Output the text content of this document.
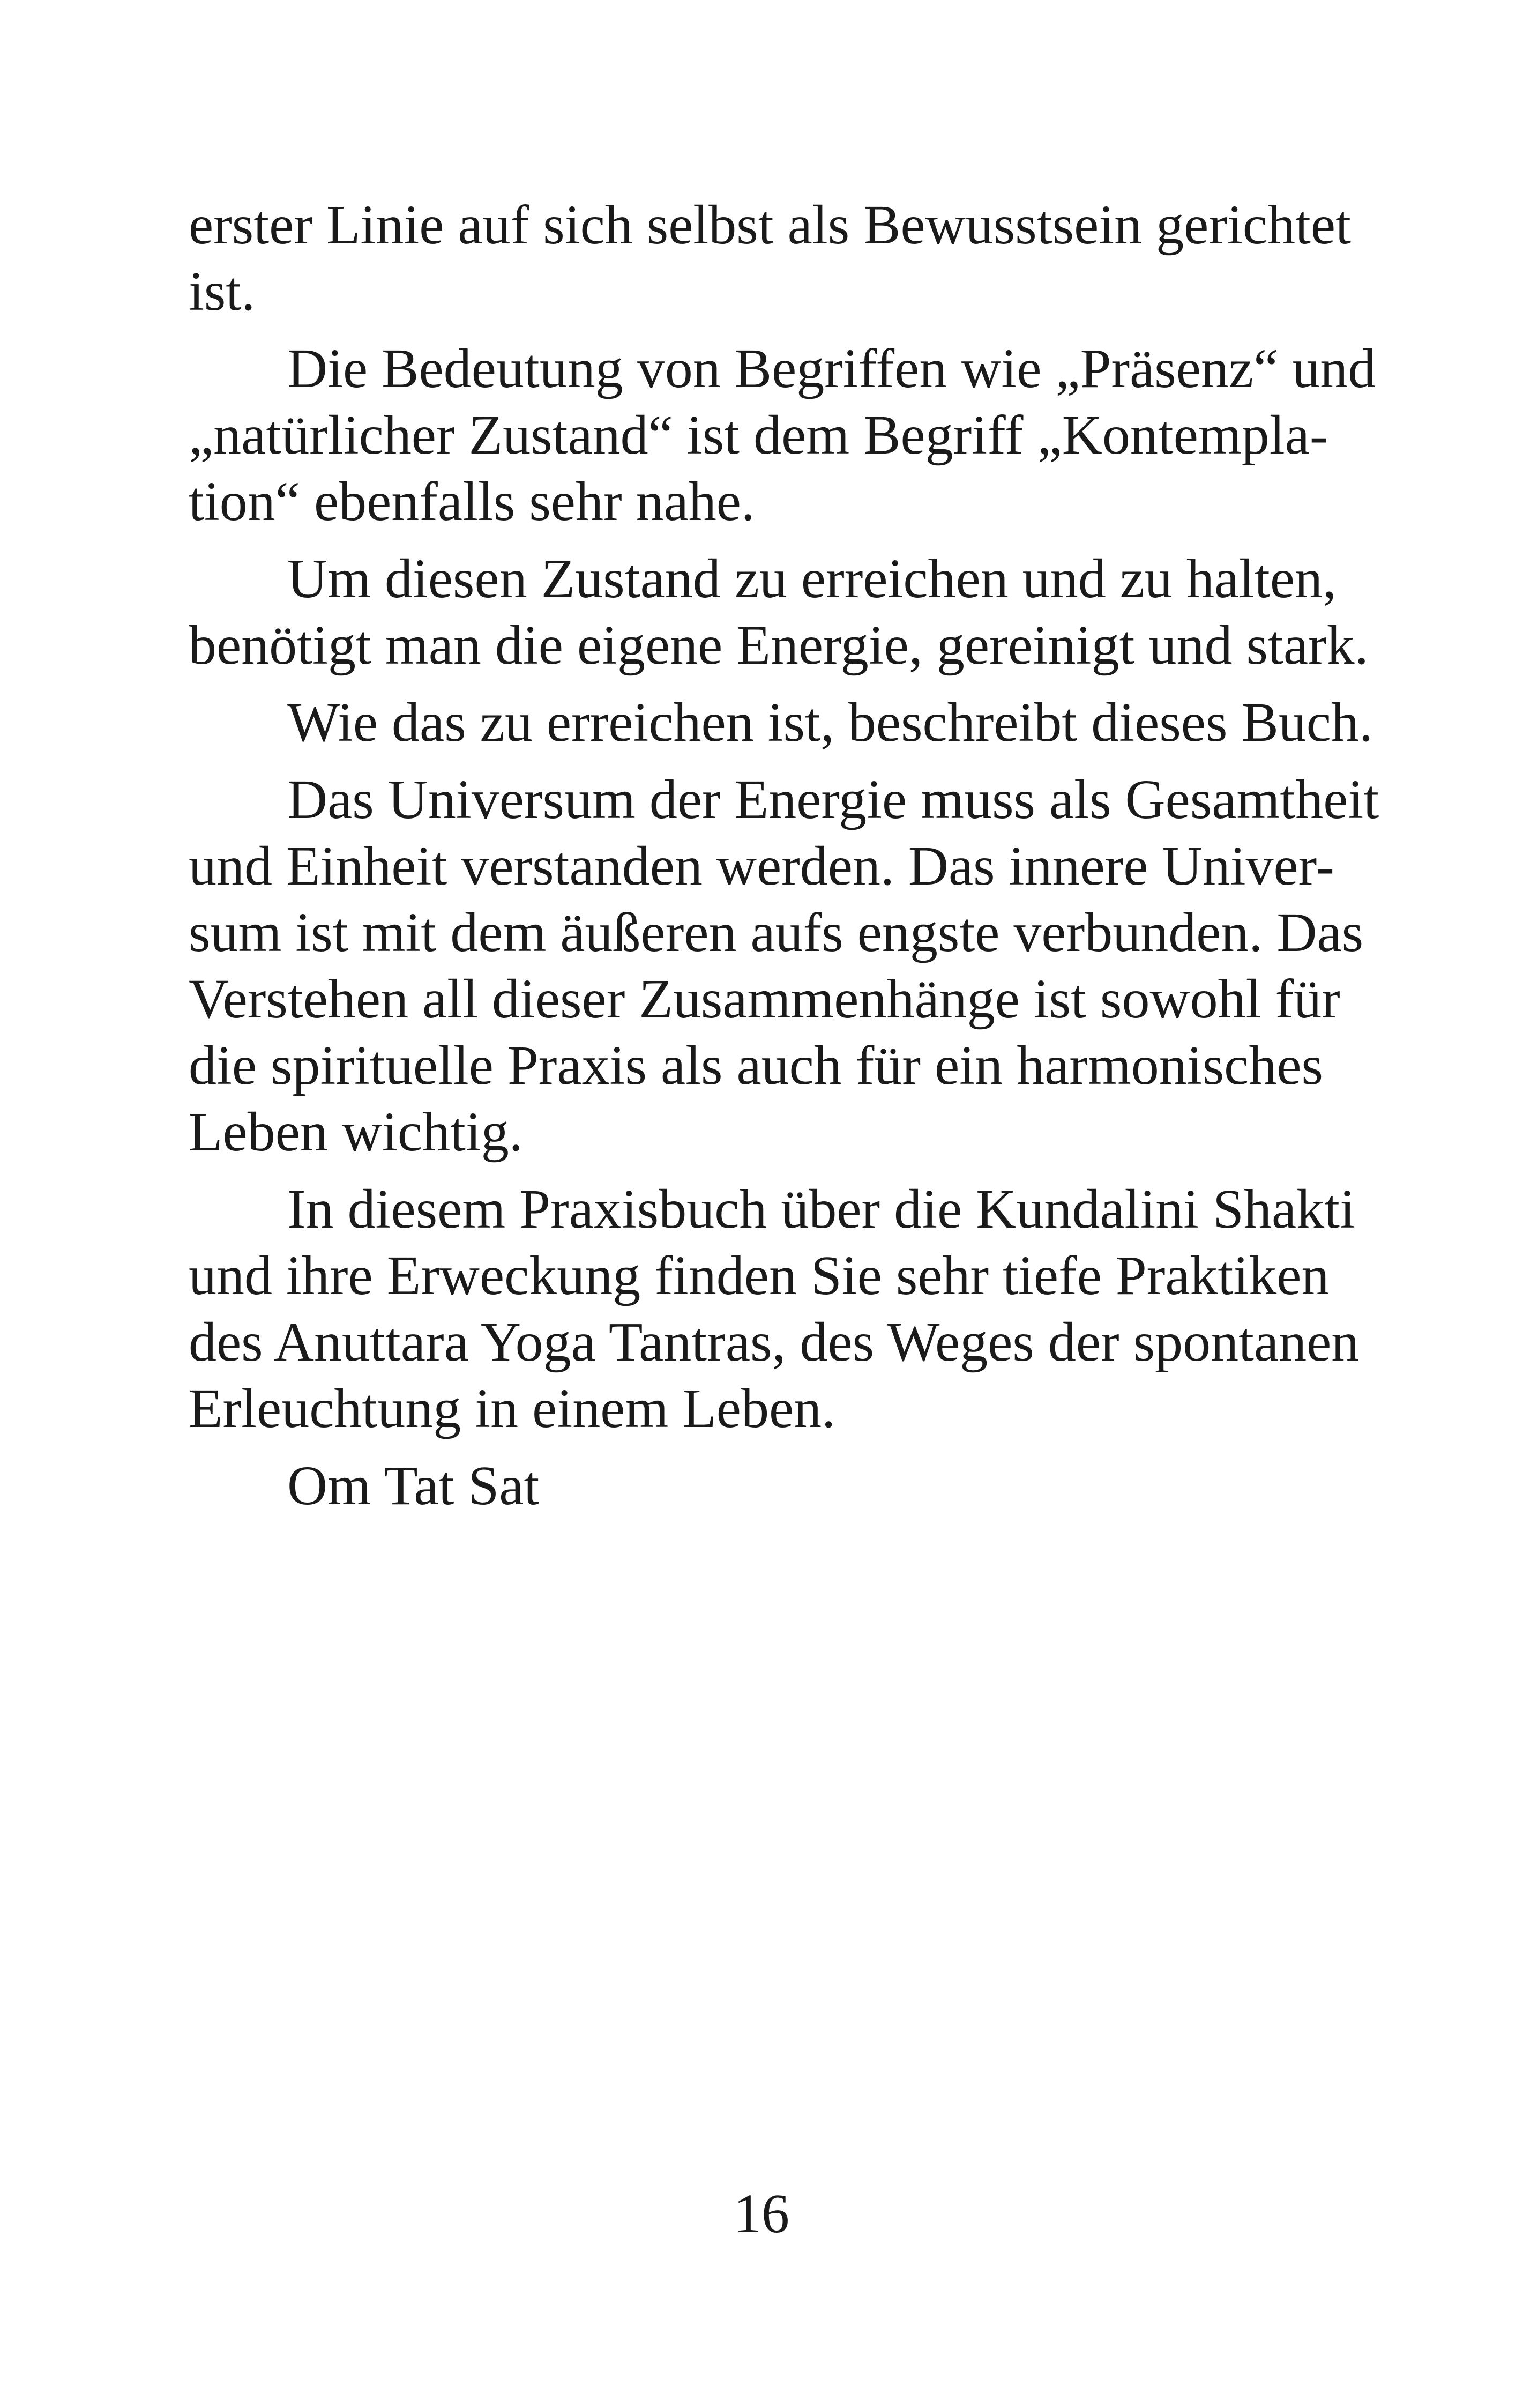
erster Linie auf sich selbst als Bewusstsein gerichtet
ist.
Die Bedeutung von Begriffen wie „Präsenz“ und
„natürlicher Zustand“ ist dem Begriff „Kontempla-
tion“ ebenfalls sehr nahe.
Um diesen Zustand zu erreichen und zu halten,
benötigt man die eigene Energie, gereinigt und stark.
Wie das zu erreichen ist, beschreibt dieses Buch.
Das Universum der Energie muss als Gesamtheit
und Einheit verstanden werden. Das innere Univer-
sum ist mit dem äußeren aufs engste verbunden. Das
Verstehen all dieser Zusammenhänge ist sowohl für
die spirituelle Praxis als auch für ein harmonisches
Leben wichtig.
In diesem Praxisbuch über die Kundalini Shakti
und ihre Erweckung finden Sie sehr tiefe Praktiken
des Anuttara Yoga Tantras, des Weges der spontanen
Erleuchtung in einem Leben.
Om Tat Sat
16
